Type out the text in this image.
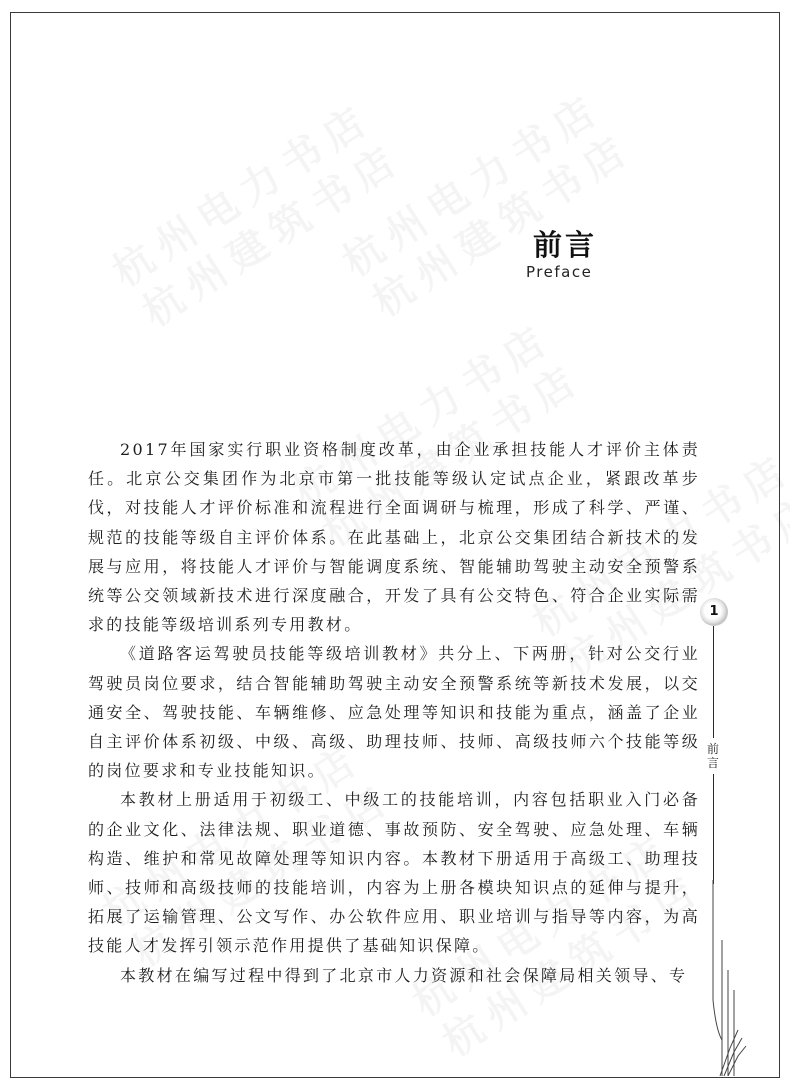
前言
Preface

2017年国家实行职业资格制度改革，由企业承担技能人才评价主体责任。北京公交集团作为北京市第一批技能等级认定试点企业，紧跟改革步伐，对技能人才评价标准和流程进行全面调研与梳理，形成了科学、严谨、规范的技能等级自主评价体系。在此基础上，北京公交集团结合新技术的发展与应用，将技能人才评价与智能调度系统、智能辅助驾驶主动安全预警系统等公交领域新技术进行深度融合，开发了具有公交特色、符合企业实际需求的技能等级培训系列专用教材。

《道路客运驾驶员技能等级培训教材》共分上、下两册，针对公交行业驾驶员岗位要求，结合智能辅助驾驶主动安全预警系统等新技术发展，以交通安全、驾驶技能、车辆维修、应急处理等知识和技能为重点，涵盖了企业自主评价体系初级、中级、高级、助理技师、技师、高级技师六个技能等级的岗位要求和专业技能知识。

本教材上册适用于初级工、中级工的技能培训，内容包括职业入门必备的企业文化、法律法规、职业道德、事故预防、安全驾驶、应急处理、车辆构造、维护和常见故障处理等知识内容。本教材下册适用于高级工、助理技师、技师和高级技师的技能培训，内容为上册各模块知识点的延伸与提升，拓展了运输管理、公文写作、办公软件应用、职业培训与指导等内容，为高技能人才发挥引领示范作用提供了基础知识保障。

本教材在编写过程中得到了北京市人力资源和社会保障局相关领导、专

1
前言
